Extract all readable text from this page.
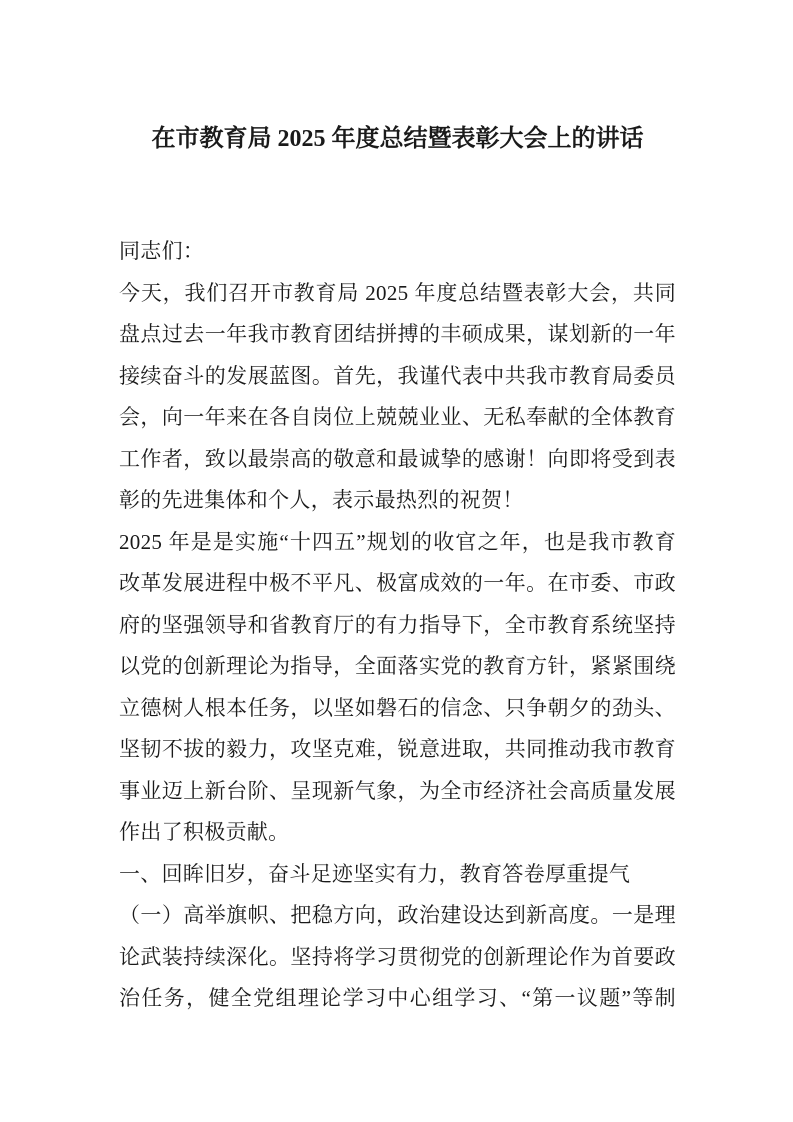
在市教育局 2025 年度总结暨表彰大会上的讲话
同志们：
今天，我们召开市教育局 2025 年度总结暨表彰大会，共同
盘点过去一年我市教育团结拼搏的丰硕成果，谋划新的一年
接续奋斗的发展蓝图。首先，我谨代表中共我市教育局委员
会，向一年来在各自岗位上兢兢业业、无私奉献的全体教育
工作者，致以最崇高的敬意和最诚挚的感谢！向即将受到表
彰的先进集体和个人，表示最热烈的祝贺！
2025 年是是实施“十四五”规划的收官之年，也是我市教育
改革发展进程中极不平凡、极富成效的一年。在市委、市政
府的坚强领导和省教育厅的有力指导下，全市教育系统坚持
以党的创新理论为指导，全面落实党的教育方针，紧紧围绕
立德树人根本任务，以坚如磐石的信念、只争朝夕的劲头、
坚韧不拔的毅力，攻坚克难，锐意进取，共同推动我市教育
事业迈上新台阶、呈现新气象，为全市经济社会高质量发展
作出了积极贡献。
一、回眸旧岁，奋斗足迹坚实有力，教育答卷厚重提气
（一）高举旗帜、把稳方向，政治建设达到新高度。一是理
论武装持续深化。坚持将学习贯彻党的创新理论作为首要政
治任务，健全党组理论学习中心组学习、“第一议题”等制
